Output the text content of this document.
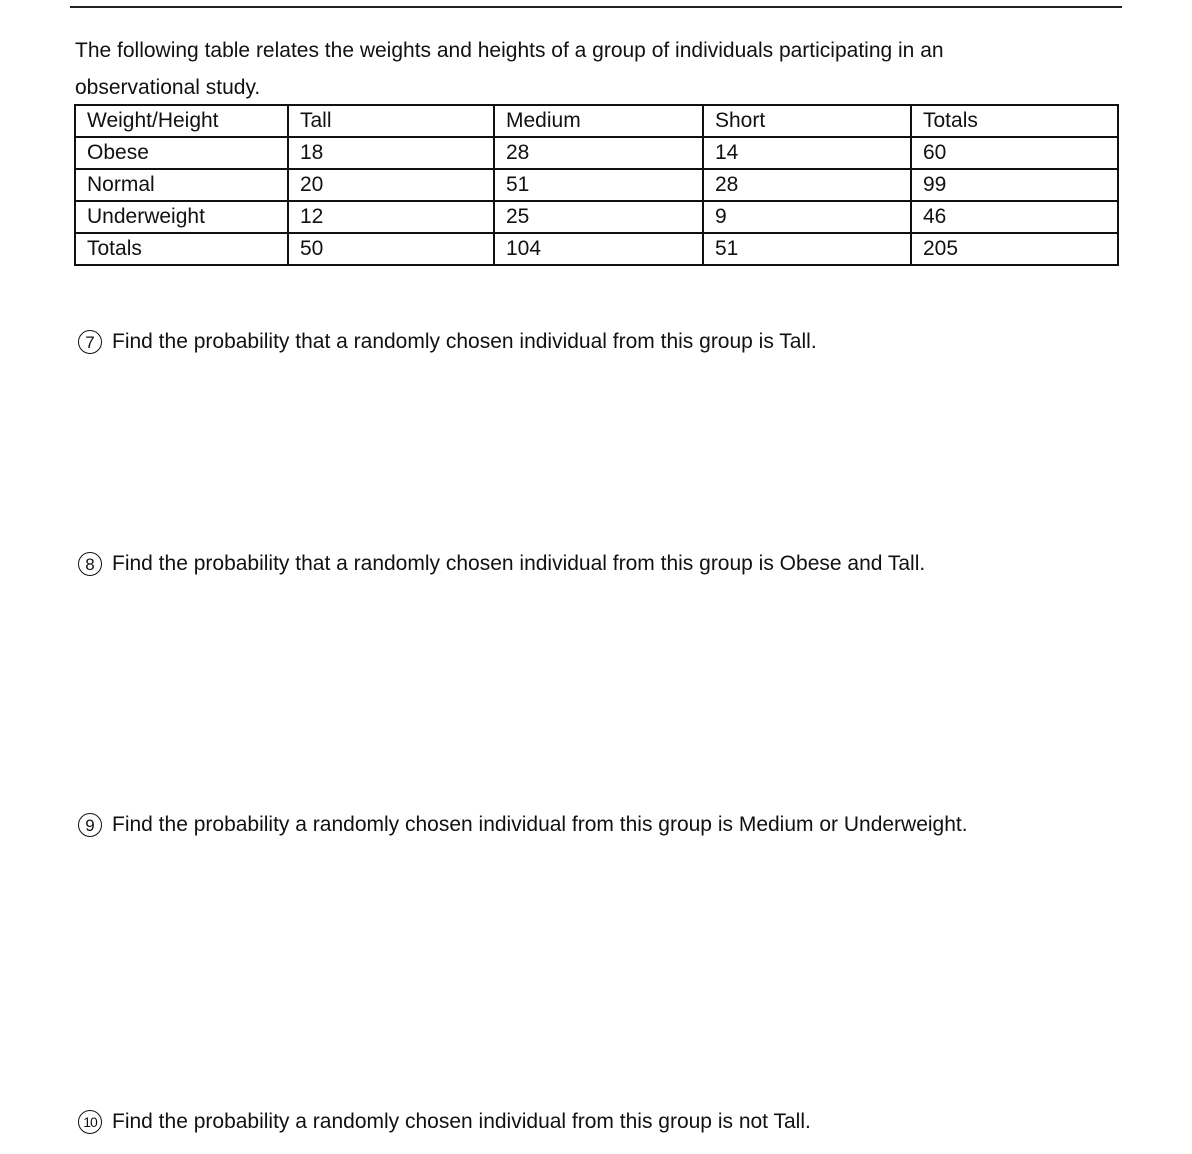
The following table relates the weights and heights of a group of individuals participating in an
observational study.

Weight/Height	Tall	Medium	Short	Totals
Obese	18	28	14	60
Normal	20	51	28	99
Underweight	12	25	9	46
Totals	50	104	51	205
7 Find the probability that a randomly chosen individual from this group is Tall.
8 Find the probability that a randomly chosen individual from this group is Obese and Tall.
9 Find the probability a randomly chosen individual from this group is Medium or Underweight.
10 Find the probability a randomly chosen individual from this group is not Tall.
